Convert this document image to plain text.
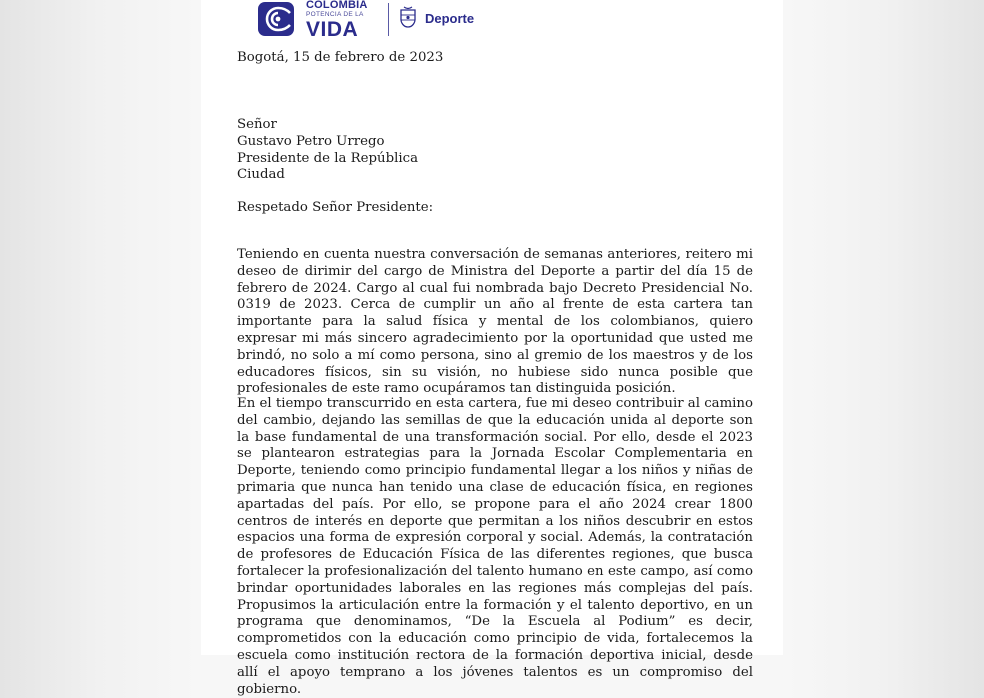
COLOMBIA
POTENCIA DE LA
VIDA	Deporte
Bogotá, 15 de febrero de 2023
Señor
Gustavo Petro Urrego
Presidente de la República
Ciudad
Respetado Señor Presidente:
Teniendo en cuenta nuestra conversación de semanas anteriores, reitero mi deseo de dirimir del cargo de Ministra del Deporte a partir del día 15 de febrero de 2024. Cargo al cual fui nombrada bajo Decreto Presidencial No. 0319 de 2023. Cerca de cumplir un año al frente de esta cartera tan importante para la salud física y mental de los colombianos, quiero expresar mi más sincero agradecimiento por la oportunidad que usted me brindó, no solo a mí como persona, sino al gremio de los maestros y de los educadores físicos, sin su visión, no hubiese sido nunca posible que profesionales de este ramo ocupáramos tan distinguida posición.
En el tiempo transcurrido en esta cartera, fue mi deseo contribuir al camino del cambio, dejando las semillas de que la educación unida al deporte son la base fundamental de una transformación social. Por ello, desde el 2023 se plantearon estrategias para la Jornada Escolar Complementaria en Deporte, teniendo como principio fundamental llegar a los niños y niñas de primaria que nunca han tenido una clase de educación física, en regiones apartadas del país. Por ello, se propone para el año 2024 crear 1800 centros de interés en deporte que permitan a los niños descubrir en estos espacios una forma de expresión corporal y social. Además, la contratación de profesores de Educación Física de las diferentes regiones, que busca fortalecer la profesionalización del talento humano en este campo, así como brindar oportunidades laborales en las regiones más complejas del país. Propusimos la articulación entre la formación y el talento deportivo, en un programa que denominamos, “De la Escuela al Podium” es decir, comprometidos con la educación como principio de vida, fortalecemos la escuela como institución rectora de la formación deportiva inicial, desde allí el apoyo temprano a los jóvenes talentos es un compromiso del gobierno.
